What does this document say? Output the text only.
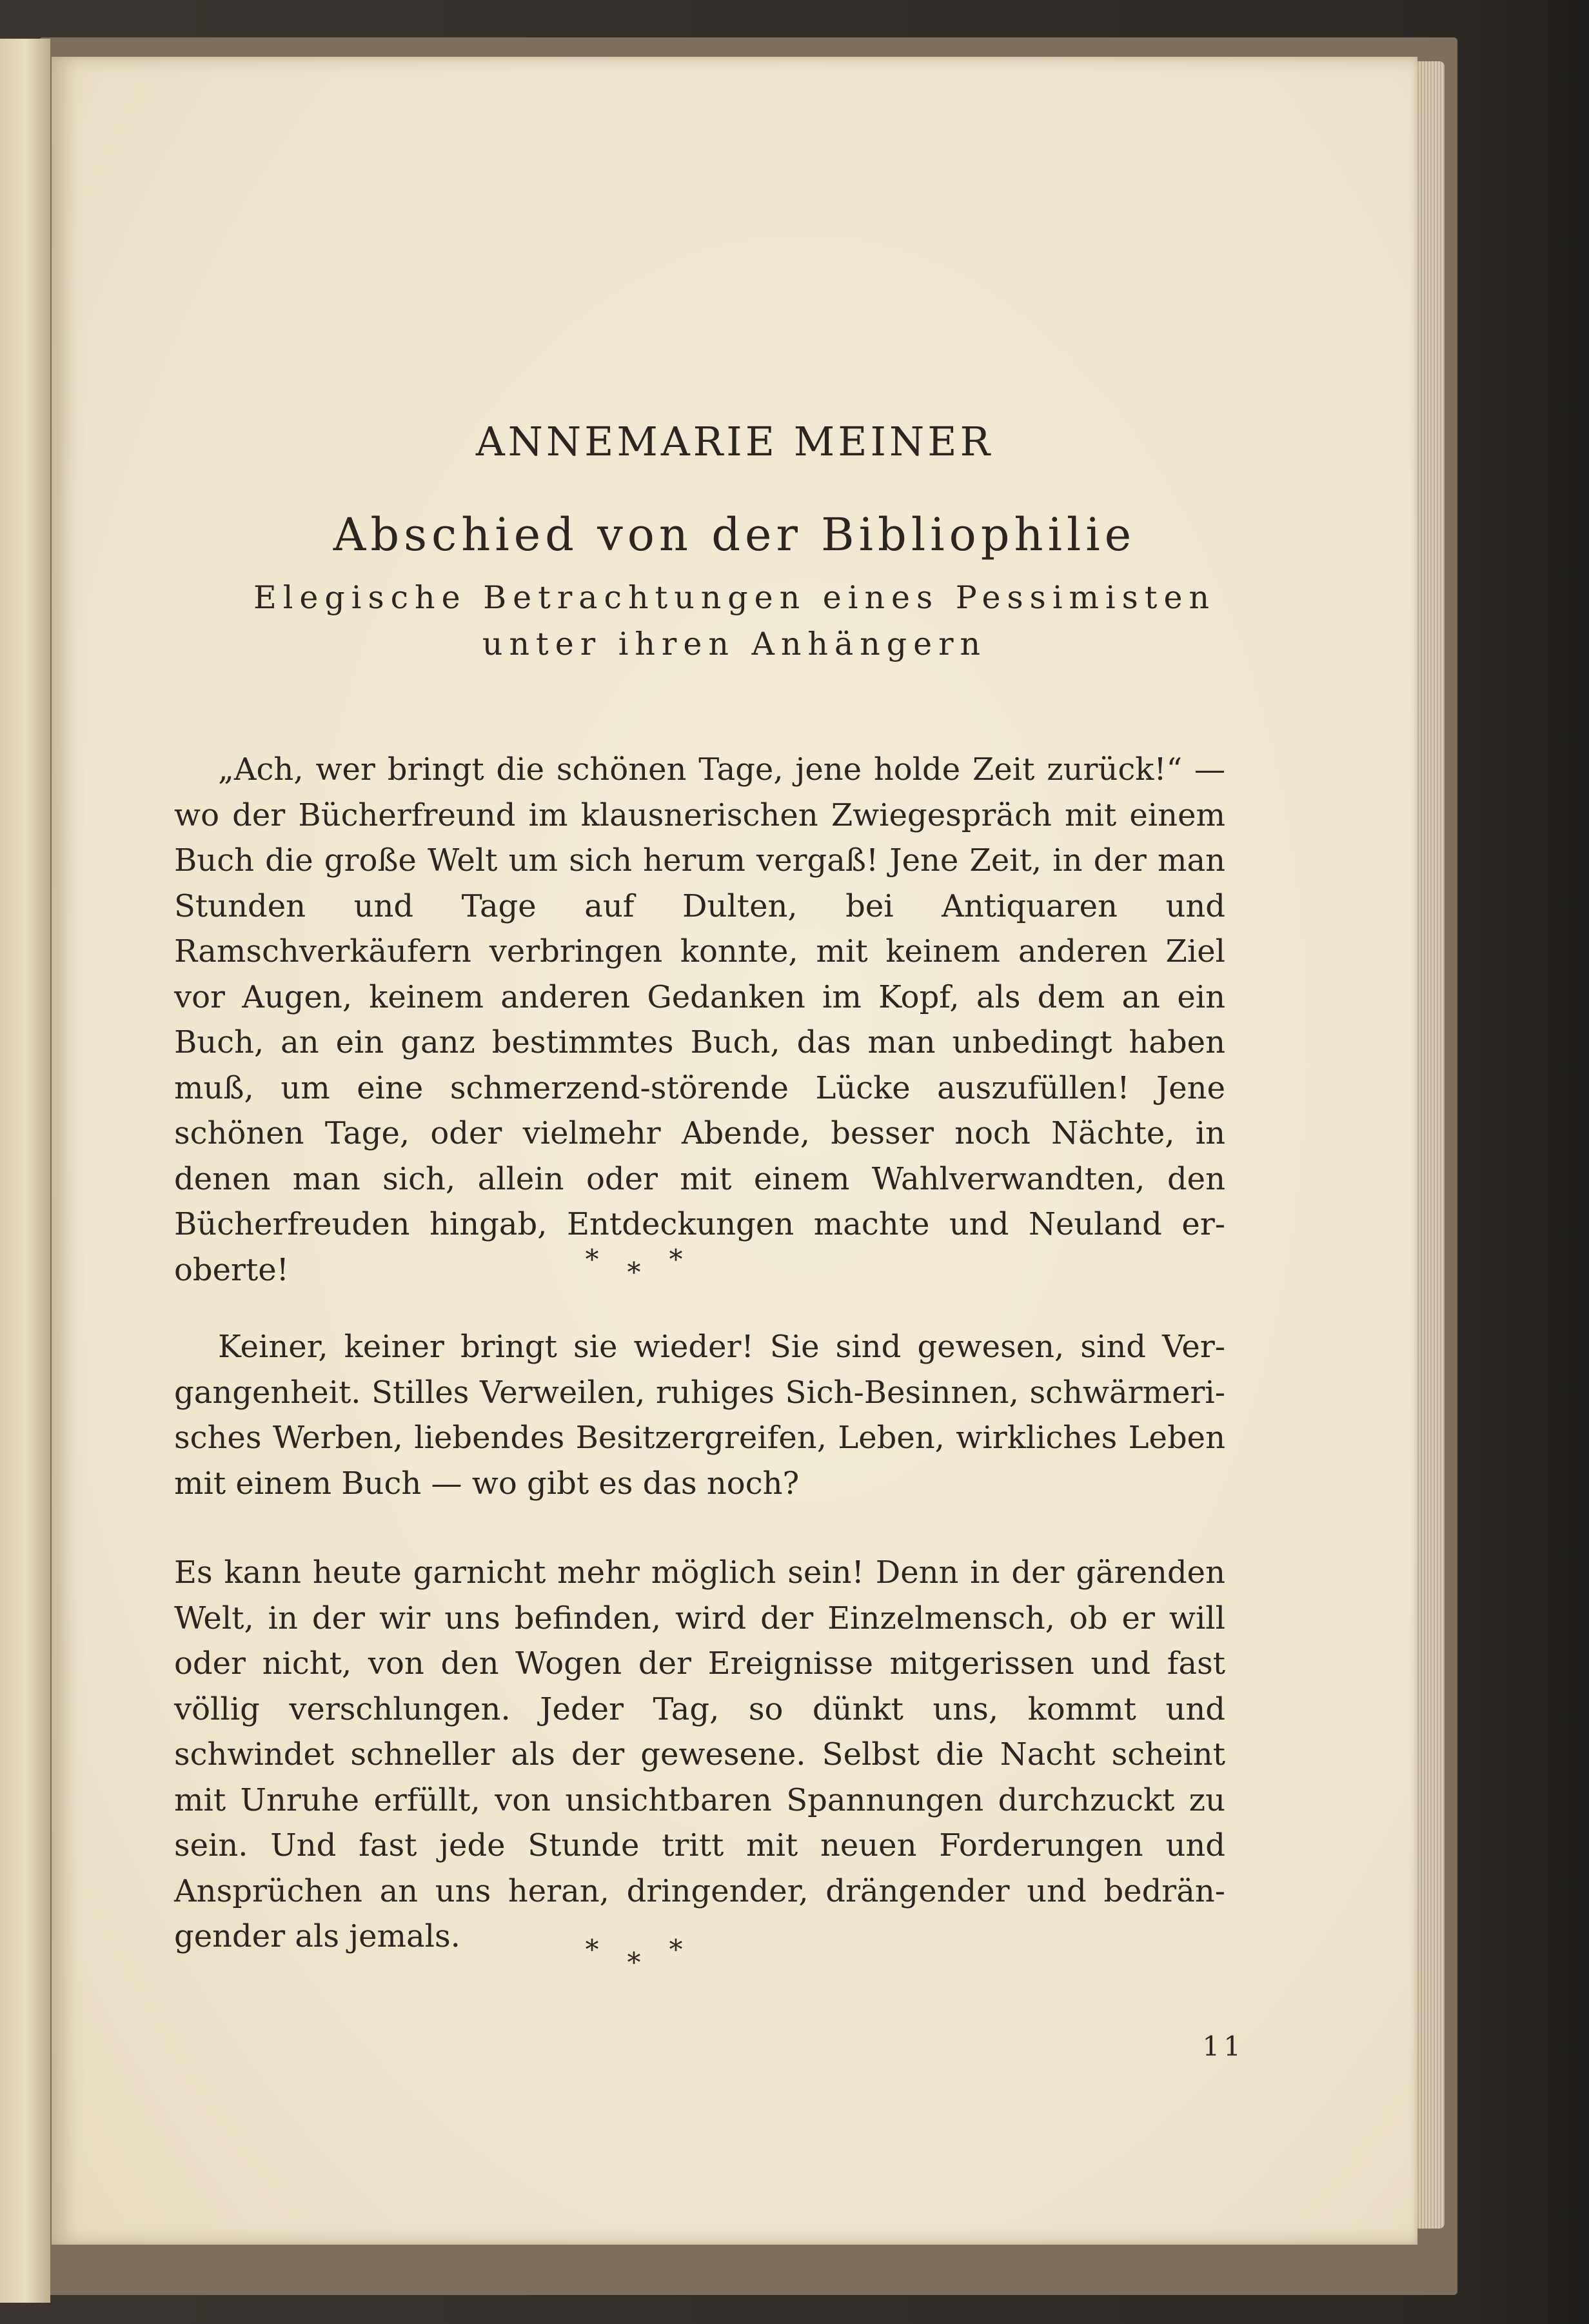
ANNEMARIE MEINER
Abschied von der Bibliophilie
Elegische Betrachtungen eines Pessimisten
unter ihren Anhängern
„Ach, wer bringt die schönen Tage, jene holde Zeit zurück!“ — wo der Bücherfreund im klausnerischen Zwiegespräch mit einem Buch die große Welt um sich herum vergaß! Jene Zeit, in der man Stunden und Tage auf Dulten, bei Antiquaren und Ramschverkäufern verbringen konnte, mit keinem anderen Ziel vor Augen, keinem anderen Gedanken im Kopf, als dem an ein Buch, an ein ganz bestimmtes Buch, das man unbedingt haben muß, um eine schmerzend-störende Lücke auszufüllen! Jene schönen Tage, oder vielmehr Abende, besser noch Nächte, in denen man sich, allein oder mit einem Wahlverwandten, den Bücherfreuden hingab, Entdeckungen machte und Neuland eroberte!	***
Keiner, keiner bringt sie wieder! Sie sind gewesen, sind Vergangenheit. Stilles Verweilen, ruhiges Sich-Besinnen, schwärmerisches Werben, liebendes Besitzergreifen, Leben, wirkliches Leben mit einem Buch — wo gibt es das noch?
Es kann heute garnicht mehr möglich sein! Denn in der gärenden Welt, in der wir uns befinden, wird der Einzelmensch, ob er will oder nicht, von den Wogen der Ereignisse mitgerissen und fast völlig verschlungen. Jeder Tag, so dünkt uns, kommt und schwindet schneller als der gewesene. Selbst die Nacht scheint mit Unruhe erfüllt, von unsichtbaren Spannungen durchzuckt zu sein. Und fast jede Stunde tritt mit neuen Forderungen und Ansprüchen an uns heran, dringender, drängender und bedrängender als jemals.	***
11
